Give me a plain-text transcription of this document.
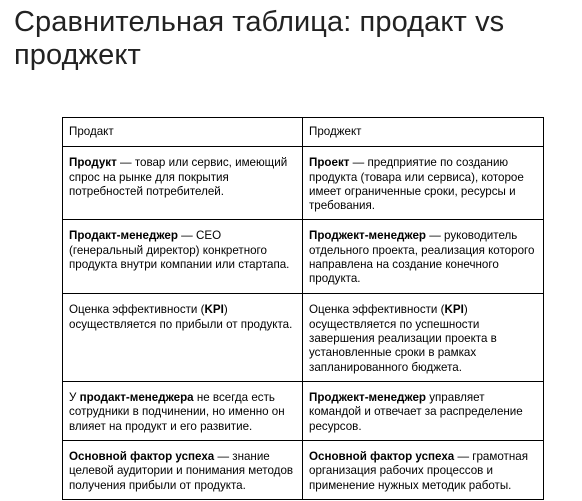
Сравнительная таблица: продакт vs проджект
Продакт	Проджект
Продукт — товар или сервис, имеющий спрос на рынке для покрытия потребностей потребителей.	Проект — предприятие по созданию продукта (товара или сервиса), которое имеет ограниченные сроки, ресурсы и требования.
Продакт-менеджер — CEO (генеральный директор) конкретного продукта внутри компании или стартапа.	Проджект-менеджер — руководитель отдельного проекта, реализация которого направлена на создание конечного продукта.
Оценка эффективности (KPI) осуществляется по прибыли от продукта.	Оценка эффективности (KPI) осуществляется по успешности завершения реализации проекта в установленные сроки в рамках запланированного бюджета.
У продакт-менеджера не всегда есть сотрудники в подчинении, но именно он влияет на продукт и его развитие.	Проджект-менеджер управляет командой и отвечает за распределение ресурсов.
Основной фактор успеха — знание целевой аудитории и понимания методов получения прибыли от продукта.	Основной фактор успеха — грамотная организация рабочих процессов и применение нужных методик работы.
